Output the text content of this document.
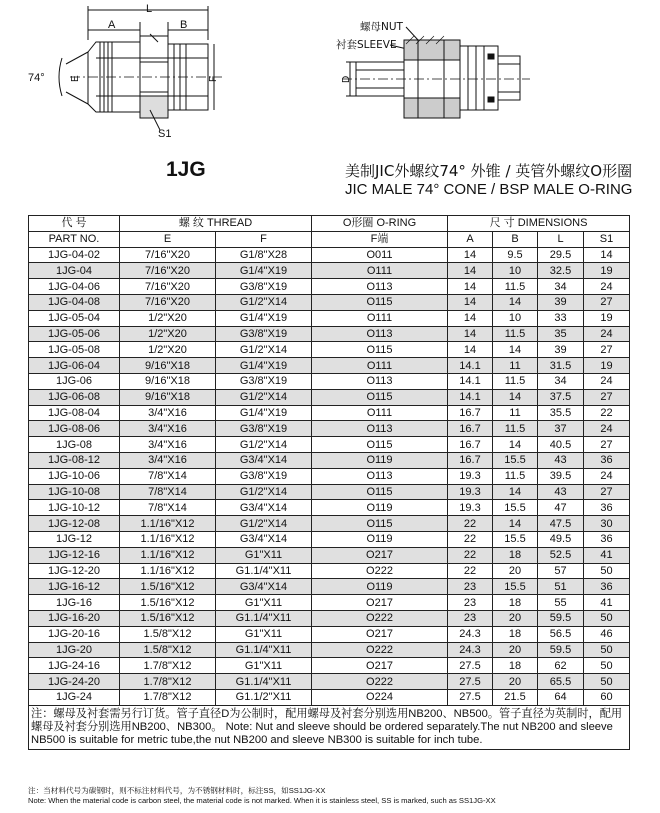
L
A	B
74°	E	F
S1
螺母NUT
衬套SLEEVE
D
1JG	美制JIC外螺纹74° 外锥 / 英管外螺纹O形圈
JIC MALE 74° CONE / BSP MALE O-RING
代 号	螺 纹 THREAD		O形圈 O-RING	尺 寸 DIMENSIONS			
PART NO.	E	F	F端	A	B	L	S1
1JG-04-02	7/16"X20	G1/8"X28	O011	14	9.5	29.5	14
1JG-04	7/16"X20	G1/4"X19	O111	14	10	32.5	19
1JG-04-06	7/16"X20	G3/8"X19	O113	14	11.5	34	24
1JG-04-08	7/16"X20	G1/2"X14	O115	14	14	39	27
1JG-05-04	1/2"X20	G1/4"X19	O111	14	10	33	19
1JG-05-06	1/2"X20	G3/8"X19	O113	14	11.5	35	24
1JG-05-08	1/2"X20	G1/2"X14	O115	14	14	39	27
1JG-06-04	9/16"X18	G1/4"X19	O111	14.1	11	31.5	19
1JG-06	9/16"X18	G3/8"X19	O113	14.1	11.5	34	24
1JG-06-08	9/16"X18	G1/2"X14	O115	14.1	14	37.5	27
1JG-08-04	3/4"X16	G1/4"X19	O111	16.7	11	35.5	22
1JG-08-06	3/4"X16	G3/8"X19	O113	16.7	11.5	37	24
1JG-08	3/4"X16	G1/2"X14	O115	16.7	14	40.5	27
1JG-08-12	3/4"X16	G3/4"X14	O119	16.7	15.5	43	36
1JG-10-06	7/8"X14	G3/8"X19	O113	19.3	11.5	39.5	24
1JG-10-08	7/8"X14	G1/2"X14	O115	19.3	14	43	27
1JG-10-12	7/8"X14	G3/4"X14	O119	19.3	15.5	47	36
1JG-12-08	1.1/16"X12	G1/2"X14	O115	22	14	47.5	30
1JG-12	1.1/16"X12	G3/4"X14	O119	22	15.5	49.5	36
1JG-12-16	1.1/16"X12	G1"X11	O217	22	18	52.5	41
1JG-12-20	1.1/16"X12	G1.1/4"X11	O222	22	20	57	50
1JG-16-12	1.5/16"X12	G3/4"X14	O119	23	15.5	51	36
1JG-16	1.5/16"X12	G1"X11	O217	23	18	55	41
1JG-16-20	1.5/16"X12	G1.1/4"X11	O222	23	20	59.5	50
1JG-20-16	1.5/8"X12	G1"X11	O217	24.3	18	56.5	46
1JG-20	1.5/8"X12	G1.1/4"X11	O222	24.3	20	59.5	50
1JG-24-16	1.7/8"X12	G1"X11	O217	27.5	18	62	50
1JG-24-20	1.7/8"X12	G1.1/4"X11	O222	27.5	20	65.5	50
1JG-24	1.7/8"X12	G1.1/2"X11	O224	27.5	21.5	64	60
注：螺母及衬套需另行订货。管子直径D为公制时，配用螺母及衬套分别选用NB200、NB500。管子直径为英制时，配用螺母及衬套分别选用NB200、NB300。 Note: Nut and sleeve should be ordered separately.The nut NB200 and sleeve NB500 is suitable for metric tube,the nut NB200 and sleeve NB300 is suitable for inch tube.							
注：当材料代号为碳钢时，则不标注材料代号，为不锈钢材料时，标注SS，如SS1JG-XX
Note: When the material code is carbon steel, the material code is not marked. When it is stainless steel, SS is marked, such as SS1JG-XX
